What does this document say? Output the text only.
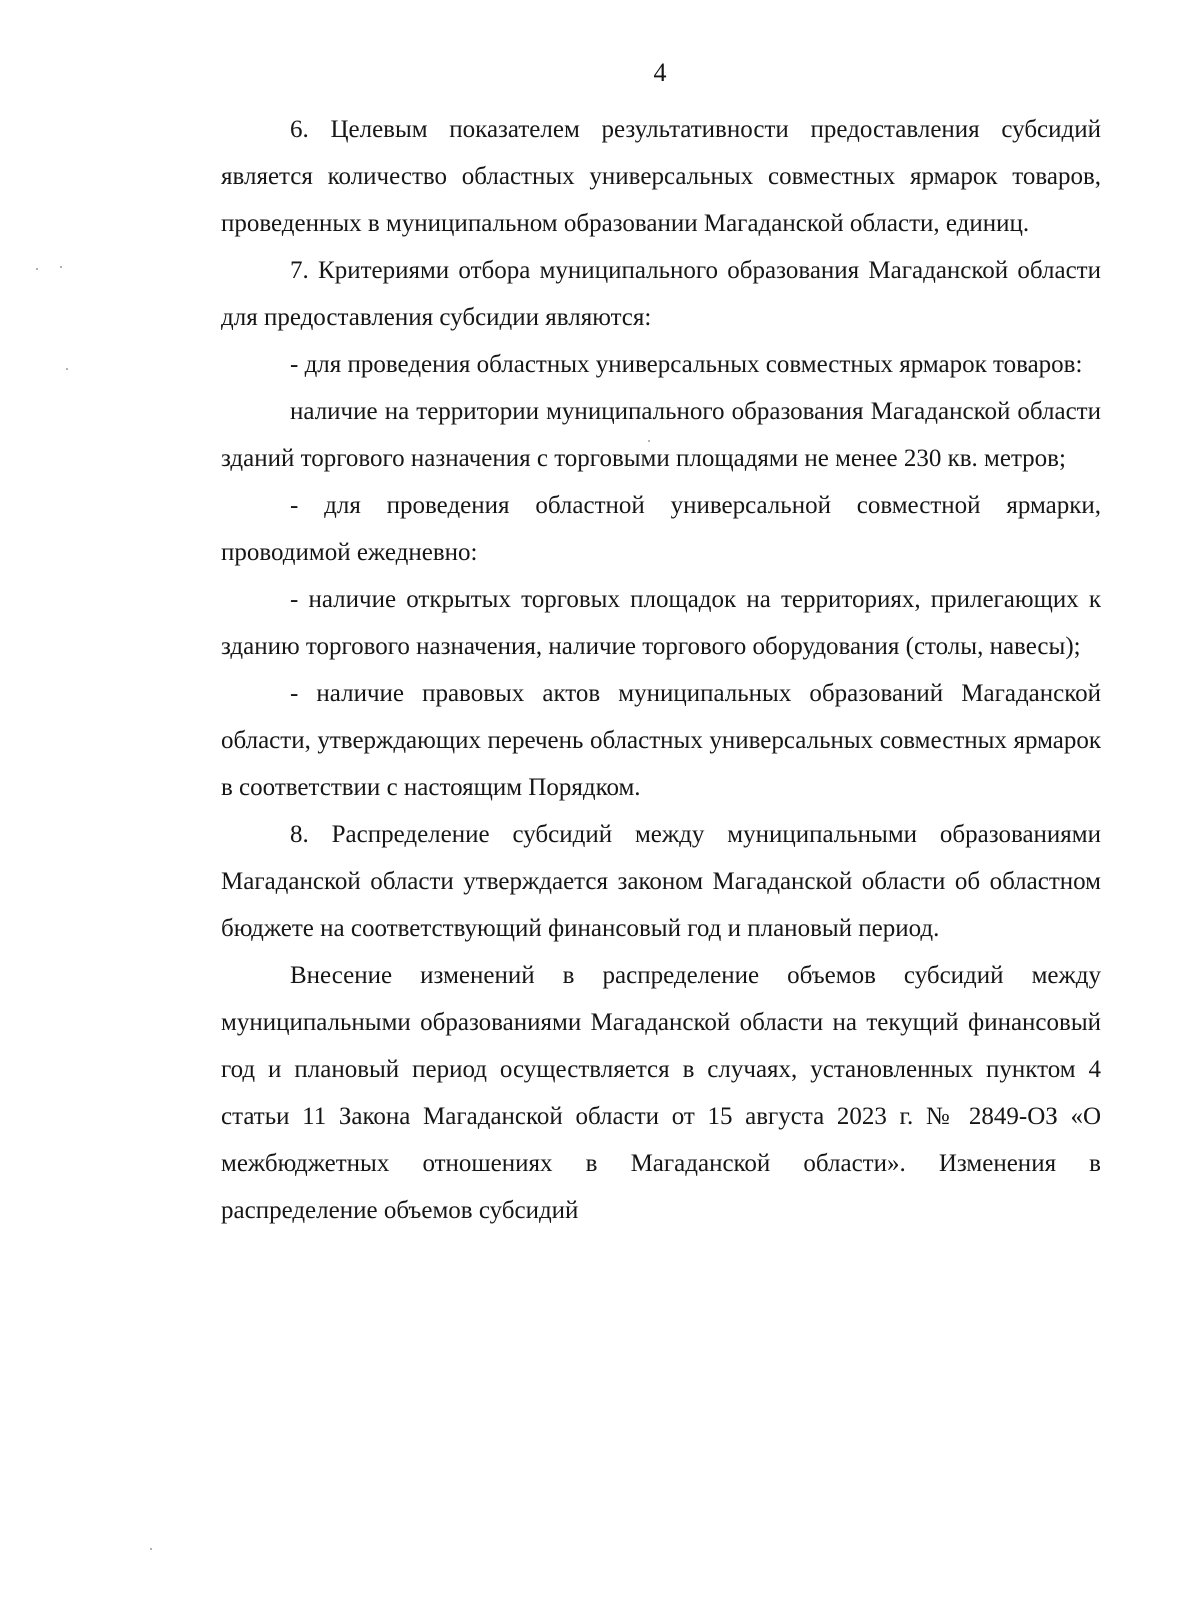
4

6. Целевым показателем результативности предоставления субсидий является количество областных универсальных совместных ярмарок товаров, проведенных в муниципальном образовании Магаданской области, единиц.

7. Критериями отбора муниципального образования Магаданской области для предоставления субсидии являются:

- для проведения областных универсальных совместных ярмарок товаров:

наличие на территории муниципального образования Магаданской области зданий торгового назначения с торговыми площадями не менее 230 кв. метров;

- для проведения областной универсальной совместной ярмарки, проводимой ежедневно:

- наличие открытых торговых площадок на территориях, прилегающих к зданию торгового назначения, наличие торгового оборудования (столы, навесы);

- наличие правовых актов муниципальных образований Магаданской области, утверждающих перечень областных универсальных совместных ярмарок в соответствии с настоящим Порядком.

8. Распределение субсидий между муниципальными образованиями Магаданской области утверждается законом Магаданской области об областном бюджете на соответствующий финансовый год и плановый период.

Внесение изменений в распределение объемов субсидий между муниципальными образованиями Магаданской области на текущий финансовый год и плановый период осуществляется в случаях, установленных пунктом 4 статьи 11 Закона Магаданской области от 15 августа 2023 г. № 2849-ОЗ «О межбюджетных отношениях в Магаданской области». Изменения в распределение объемов субсидий
